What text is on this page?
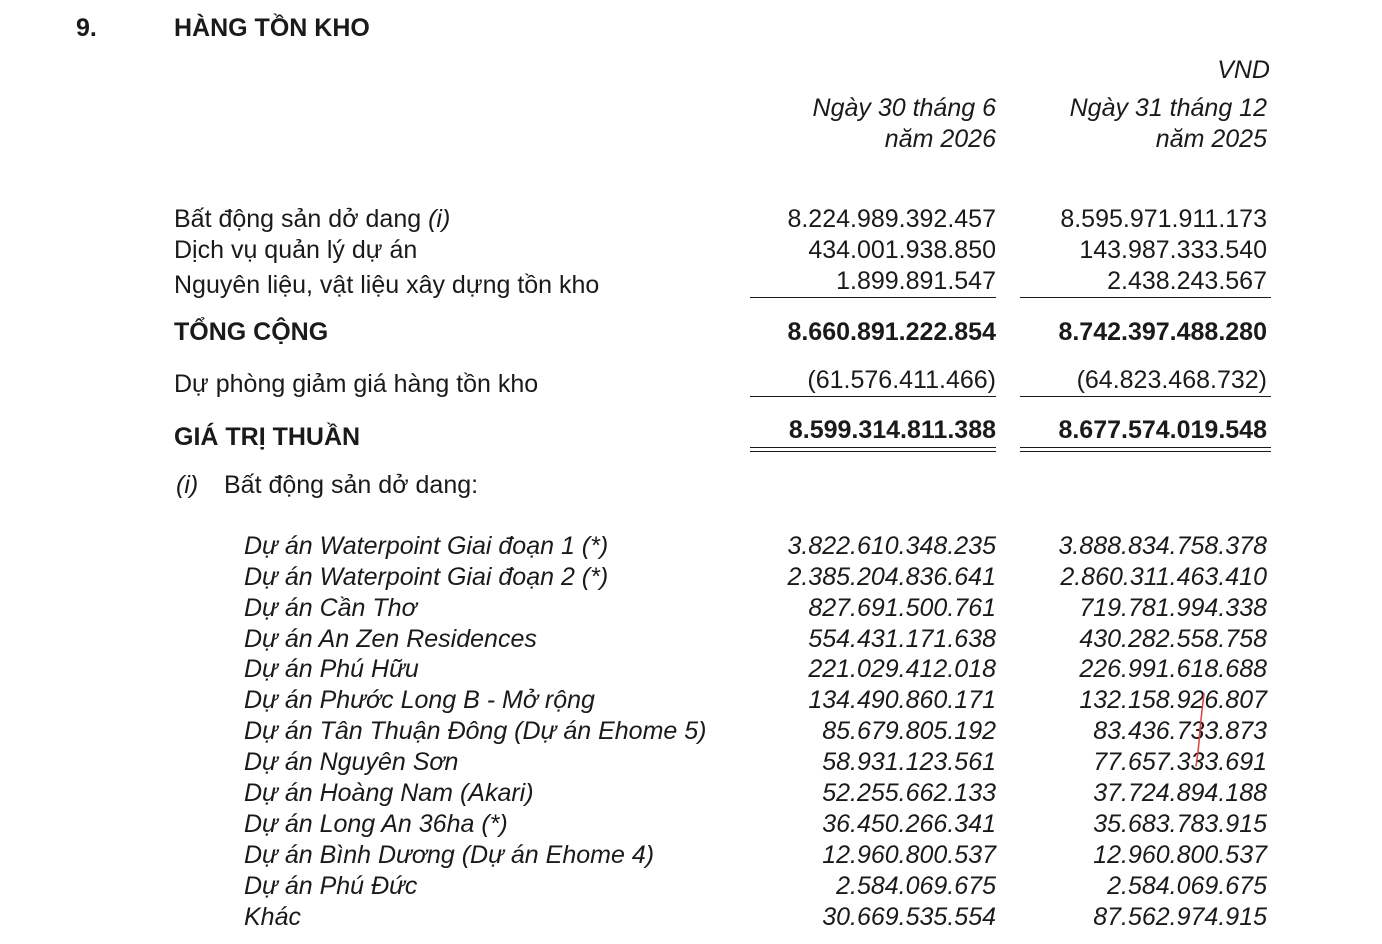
9.	HÀNG TỒN KHO
VND
Ngày 30 tháng 6
năm 2026
Ngày 31 tháng 12
năm 2025
Bất động sản dở dang (i)	8.224.989.392.457	8.595.971.911.173
Dịch vụ quản lý dự án	434.001.938.850	143.987.333.540
Nguyên liệu, vật liệu xây dựng tồn kho	1.899.891.547	2.438.243.567
TỔNG CỘNG	8.660.891.222.854 8.742.397.488.280
Dự phòng giảm giá hàng tồn kho	(61.576.411.466)	(64.823.468.732)
GIÁ TRỊ THUẦN	8.599.314.811.388 8.677.574.019.548
(i) Bất động sản dở dang:
Dự án Waterpoint Giai đoạn 1 (*)	3.822.610.348.235 3.888.834.758.378
Dự án Waterpoint Giai đoạn 2 (*)	2.385.204.836.641	2.860.311.463.410
Dự án Cần Thơ	827.691.500.761	719.781.994.338
Dự án An Zen Residences	554.431.171.638	430.282.558.758
Dự án Phú Hữu	221.029.412.018	226.991.618.688
Dự án Phước Long B - Mở rộng	134.490.860.171	132.158.926.807
Dự án Tân Thuận Đông (Dự án Ehome 5)	85.679.805.192	83.436.733.873
Dự án Nguyên Sơn	58.931.123.561	77.657.333.691
Dự án Hoàng Nam (Akari)	52.255.662.133	37.724.894.188
Dự án Long An 36ha (*)	36.450.266.341	35.683.783.915
Dự án Bình Dương (Dự án Ehome 4)	12.960.800.537	12.960.800.537
Dự án Phú Đức	2.584.069.675	2.584.069.675
Khác	30.669.535.554	87.562.974.915
